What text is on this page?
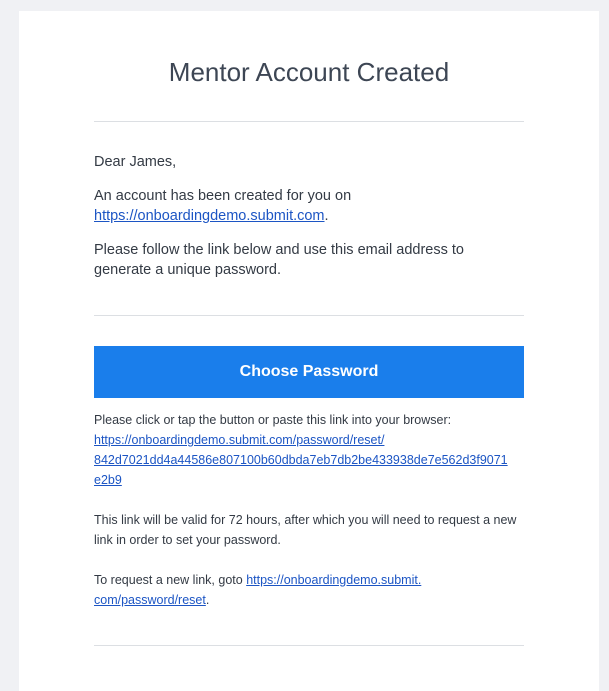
Mentor Account Created
Dear James,
An account has been created for you on
https://onboardingdemo.submit.com.
Please follow the link below and use this email address to generate a unique password.
Choose Password
Please click or tap the button or paste this link into your browser:
https://onboardingdemo.submit.com/password/reset/
842d7021dd4a44586e807100b60dbda7eb7db2be433938de7e562d3f9071
e2b9
This link will be valid for 72 hours, after which you will need to request a new link in order to set your password.
To request a new link, goto https://onboardingdemo.submit.
com/password/reset.
